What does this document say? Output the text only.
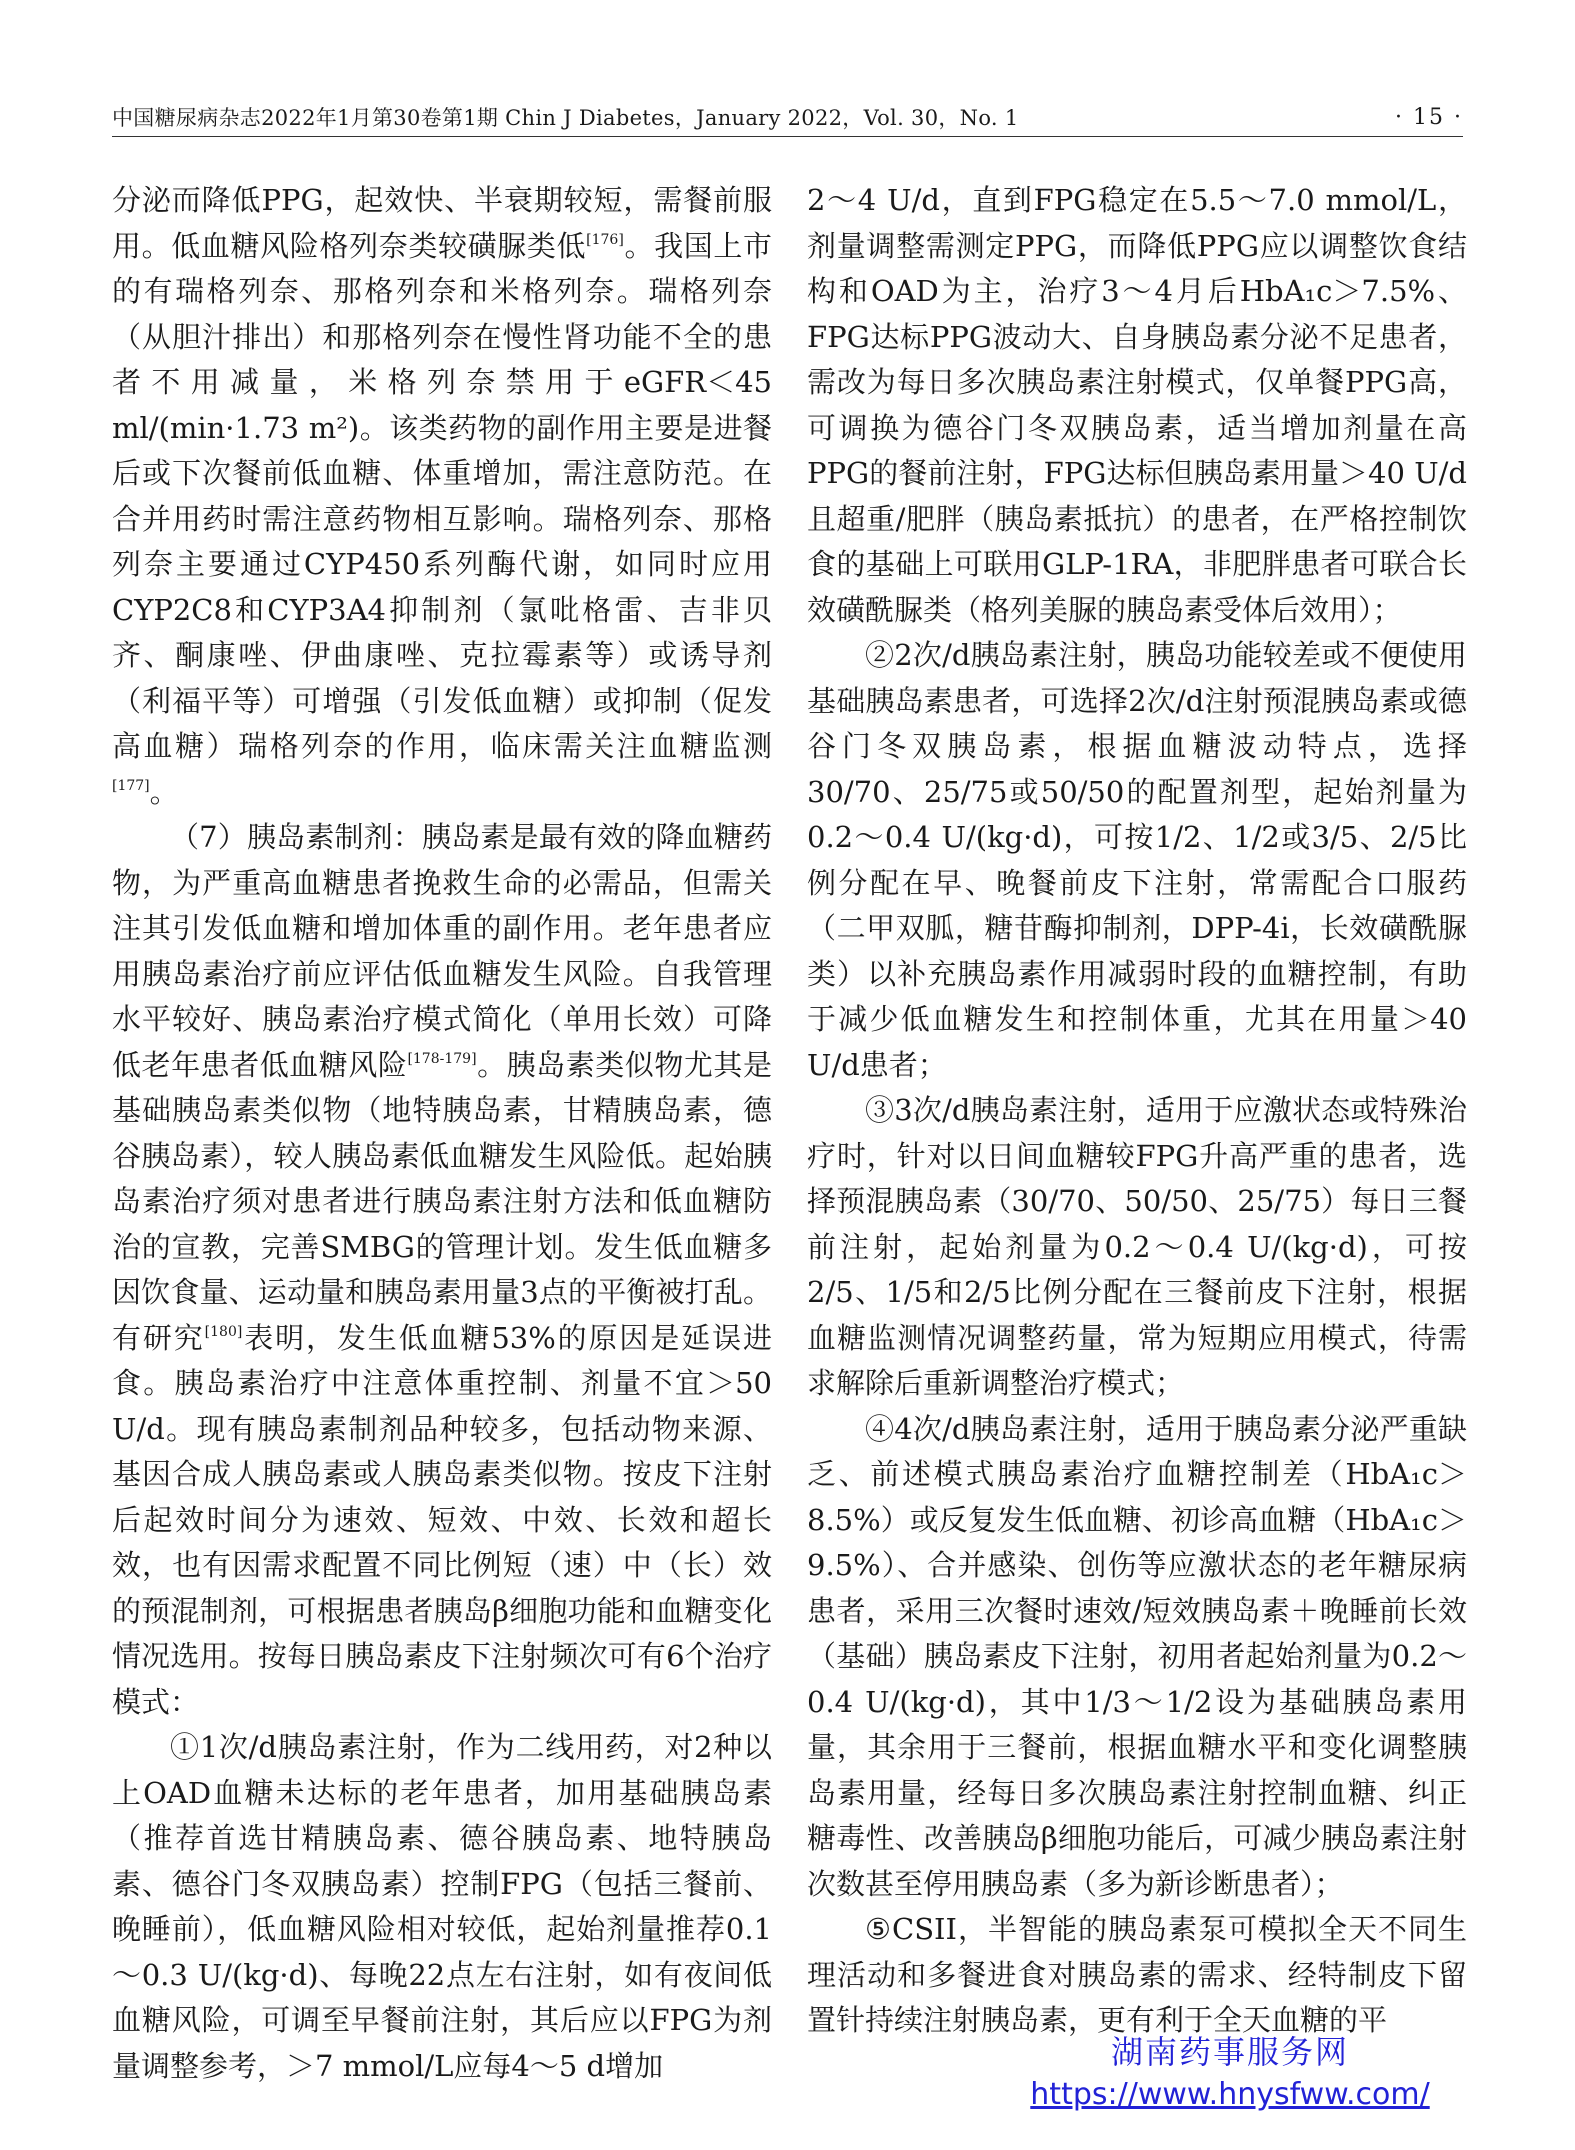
中国糖尿病杂志2022年1月第30卷第1期 Chin J Diabetes，January 2022，Vol. 30，No. 1	· 15 ·

分泌而降低PPG，起效快、半衰期较短，需餐前服用。低血糖风险格列奈类较磺脲类低[176]。我国上市的有瑞格列奈、那格列奈和米格列奈。瑞格列奈（从胆汁排出）和那格列奈在慢性肾功能不全的患者不用减量，米格列奈禁用于eGFR＜45 ml/(min·1.73 m²)。该类药物的副作用主要是进餐后或下次餐前低血糖、体重增加，需注意防范。在合并用药时需注意药物相互影响。瑞格列奈、那格列奈主要通过CYP450系列酶代谢，如同时应用CYP2C8和CYP3A4抑制剂（氯吡格雷、吉非贝齐、酮康唑、伊曲康唑、克拉霉素等）或诱导剂（利福平等）可增强（引发低血糖）或抑制（促发高血糖）瑞格列奈的作用，临床需关注血糖监测[177]。

（7）胰岛素制剂：胰岛素是最有效的降血糖药物，为严重高血糖患者挽救生命的必需品，但需关注其引发低血糖和增加体重的副作用。老年患者应用胰岛素治疗前应评估低血糖发生风险。自我管理水平较好、胰岛素治疗模式简化（单用长效）可降低老年患者低血糖风险[178-179]。胰岛素类似物尤其是基础胰岛素类似物（地特胰岛素，甘精胰岛素，德谷胰岛素），较人胰岛素低血糖发生风险低。起始胰岛素治疗须对患者进行胰岛素注射方法和低血糖防治的宣教，完善SMBG的管理计划。发生低血糖多因饮食量、运动量和胰岛素用量3点的平衡被打乱。有研究[180]表明，发生低血糖53%的原因是延误进食。胰岛素治疗中注意体重控制、剂量不宜＞50 U/d。现有胰岛素制剂品种较多，包括动物来源、基因合成人胰岛素或人胰岛素类似物。按皮下注射后起效时间分为速效、短效、中效、长效和超长效，也有因需求配置不同比例短（速）中（长）效的预混制剂，可根据患者胰岛β细胞功能和血糖变化情况选用。按每日胰岛素皮下注射频次可有6个治疗模式：

①1次/d胰岛素注射，作为二线用药，对2种以上OAD血糖未达标的老年患者，加用基础胰岛素（推荐首选甘精胰岛素、德谷胰岛素、地特胰岛素、德谷门冬双胰岛素）控制FPG（包括三餐前、晚睡前），低血糖风险相对较低，起始剂量推荐0.1～0.3 U/(kg·d)、每晚22点左右注射，如有夜间低血糖风险，可调至早餐前注射，其后应以FPG为剂量调整参考，＞7 mmol/L应每4～5 d增加

2～4 U/d，直到FPG稳定在5.5～7.0 mmol/L，剂量调整需测定PPG，而降低PPG应以调整饮食结构和OAD为主，治疗3～4月后HbA₁c＞7.5%、FPG达标PPG波动大、自身胰岛素分泌不足患者，需改为每日多次胰岛素注射模式，仅单餐PPG高，可调换为德谷门冬双胰岛素，适当增加剂量在高PPG的餐前注射，FPG达标但胰岛素用量＞40 U/d且超重/肥胖（胰岛素抵抗）的患者，在严格控制饮食的基础上可联用GLP-1RA，非肥胖患者可联合长效磺酰脲类（格列美脲的胰岛素受体后效用）；

②2次/d胰岛素注射，胰岛功能较差或不便使用基础胰岛素患者，可选择2次/d注射预混胰岛素或德谷门冬双胰岛素，根据血糖波动特点，选择30/70、25/75或50/50的配置剂型，起始剂量为0.2～0.4 U/(kg·d)，可按1/2、1/2或3/5、2/5比例分配在早、晚餐前皮下注射，常需配合口服药（二甲双胍，糖苷酶抑制剂，DPP-4i，长效磺酰脲类）以补充胰岛素作用减弱时段的血糖控制，有助于减少低血糖发生和控制体重，尤其在用量＞40 U/d患者；

③3次/d胰岛素注射，适用于应激状态或特殊治疗时，针对以日间血糖较FPG升高严重的患者，选择预混胰岛素（30/70、50/50、25/75）每日三餐前注射，起始剂量为0.2～0.4 U/(kg·d)，可按2/5、1/5和2/5比例分配在三餐前皮下注射，根据血糖监测情况调整药量，常为短期应用模式，待需求解除后重新调整治疗模式；

④4次/d胰岛素注射，适用于胰岛素分泌严重缺乏、前述模式胰岛素治疗血糖控制差（HbA₁c＞8.5%）或反复发生低血糖、初诊高血糖（HbA₁c＞9.5%）、合并感染、创伤等应激状态的老年糖尿病患者，采用三次餐时速效/短效胰岛素＋晚睡前长效（基础）胰岛素皮下注射，初用者起始剂量为0.2～0.4 U/(kg·d)，其中1/3～1/2设为基础胰岛素用量，其余用于三餐前，根据血糖水平和变化调整胰岛素用量，经每日多次胰岛素注射控制血糖、纠正糖毒性、改善胰岛β细胞功能后，可减少胰岛素注射次数甚至停用胰岛素（多为新诊断患者）；

⑤CSII，半智能的胰岛素泵可模拟全天不同生理活动和多餐进食对胰岛素的需求、经特制皮下留置针持续注射胰岛素，更有利于全天血糖的平

湖南药事服务网
https://www.hnysfww.com/
